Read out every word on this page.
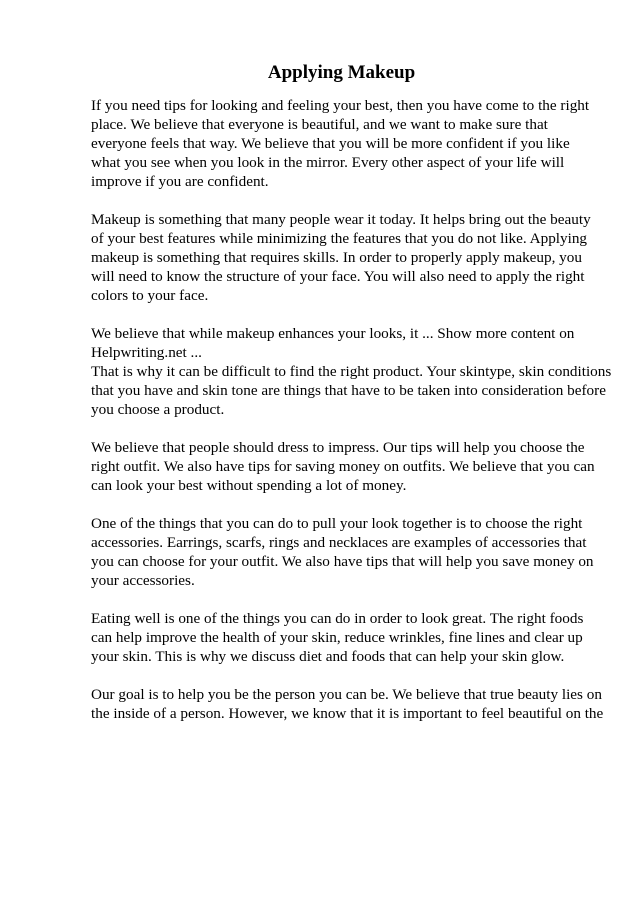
Applying Makeup

If you need tips for looking and feeling your best, then you have come to the right
place. We believe that everyone is beautiful, and we want to make sure that
everyone feels that way. We believe that you will be more confident if you like
what you see when you look in the mirror. Every other aspect of your life will
improve if you are confident.

Makeup is something that many people wear it today. It helps bring out the beauty
of your best features while minimizing the features that you do not like. Applying
makeup is something that requires skills. In order to properly apply makeup, you
will need to know the structure of your face. You will also need to apply the right
colors to your face.

We believe that while makeup enhances your looks, it ... Show more content on
Helpwriting.net ...
That is why it can be difficult to find the right product. Your skintype, skin conditions
that you have and skin tone are things that have to be taken into consideration before
you choose a product.

We believe that people should dress to impress. Our tips will help you choose the
right outfit. We also have tips for saving money on outfits. We believe that you can
can look your best without spending a lot of money.

One of the things that you can do to pull your look together is to choose the right
accessories. Earrings, scarfs, rings and necklaces are examples of accessories that
you can choose for your outfit. We also have tips that will help you save money on
your accessories.

Eating well is one of the things you can do in order to look great. The right foods
can help improve the health of your skin, reduce wrinkles, fine lines and clear up
your skin. This is why we discuss diet and foods that can help your skin glow.

Our goal is to help you be the person you can be. We believe that true beauty lies on
the inside of a person. However, we know that it is important to feel beautiful on the
